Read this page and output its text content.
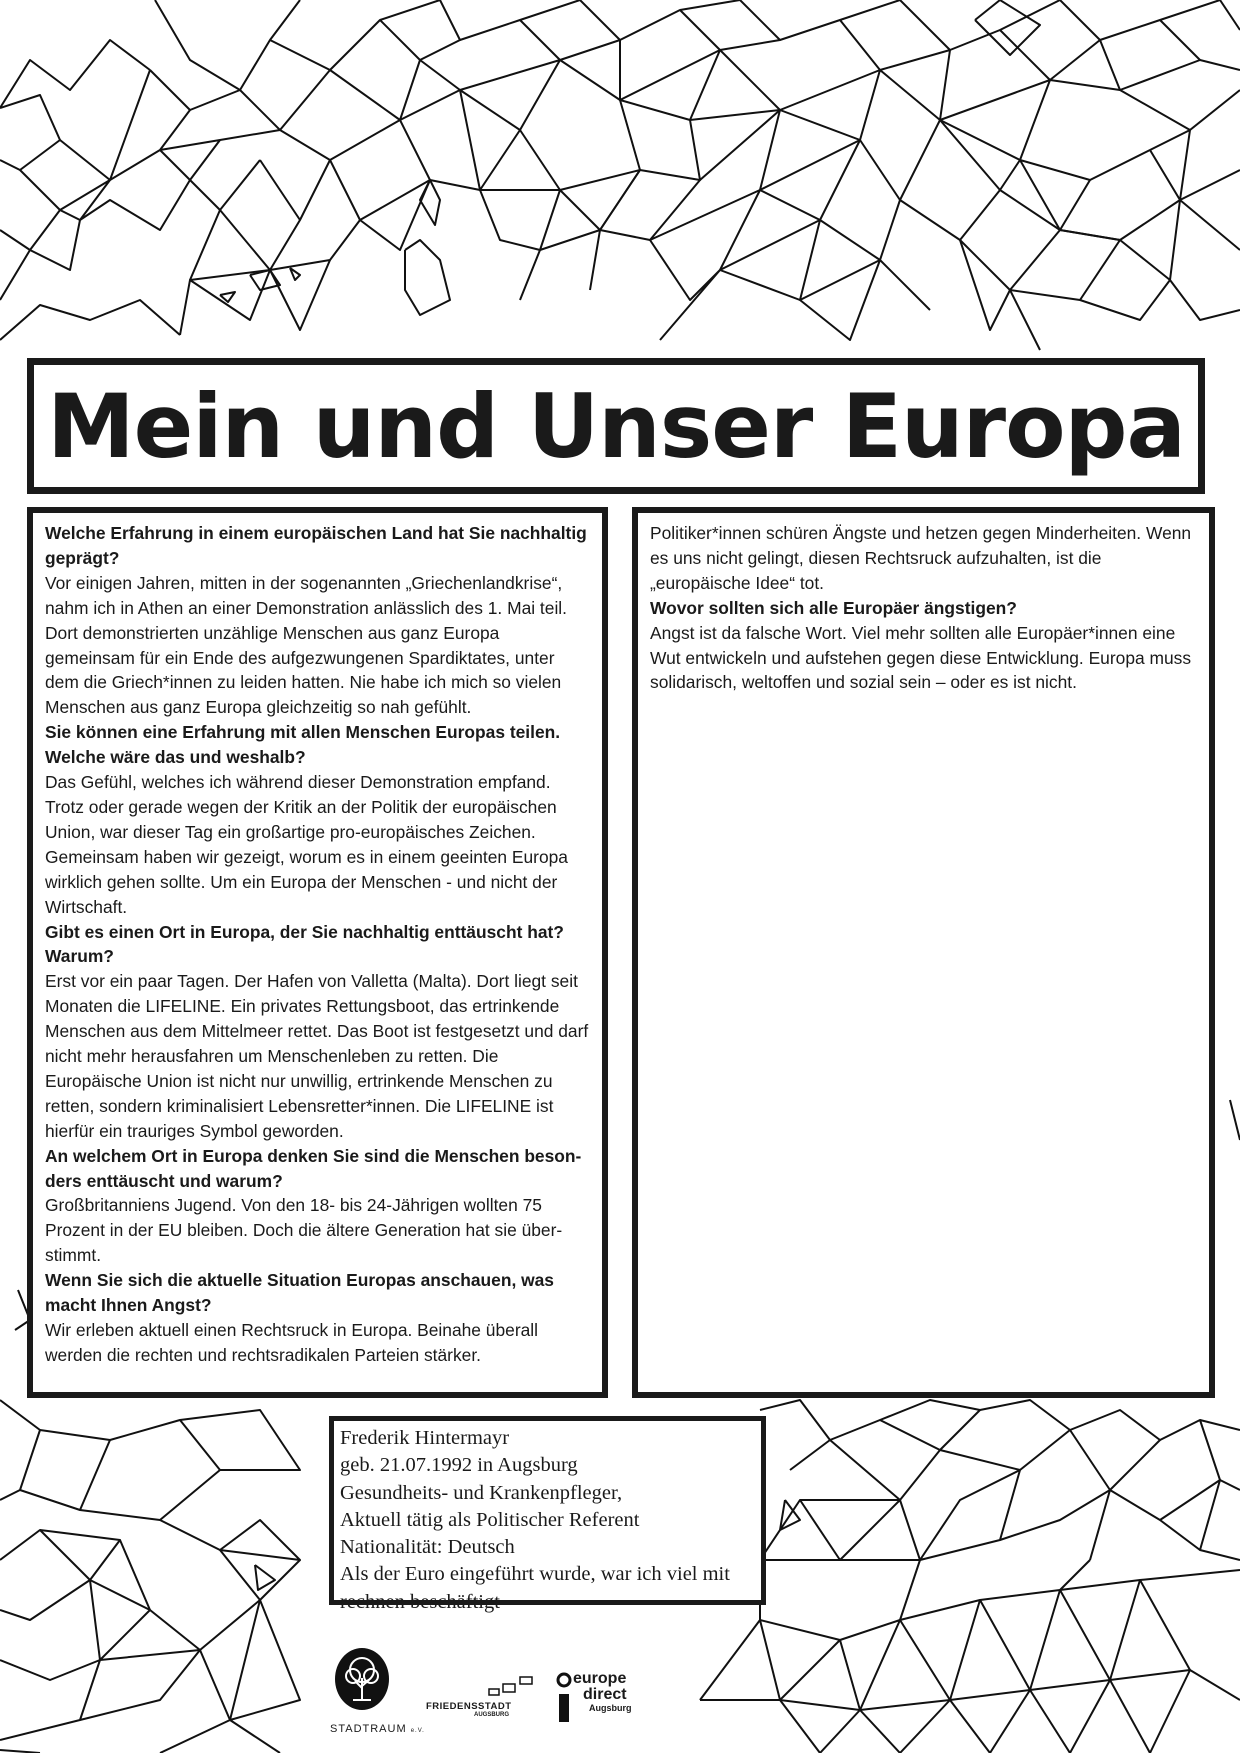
Mein und Unser Europa
Welche Erfahrung in einem europäischen Land hat Sie nachhaltig geprägt?
Vor einigen Jahren, mitten in der sogenannten „Griechenlandkrise“, nahm ich in Athen an einer Demonstration anlässlich des 1. Mai teil. Dort demonstrierten unzählige Menschen aus ganz Europa gemeinsam für ein Ende des aufgezwungenen Spardiktates, unter dem die Griech*innen zu leiden hatten. Nie habe ich mich so vielen Menschen aus ganz Europa gleichzeitig so nah gefühlt.
Sie können eine Erfahrung mit allen Menschen Europas teilen. Welche wäre das und weshalb?
Das Gefühl, welches ich während dieser Demonstration empfand. Trotz oder gerade wegen der Kritik an der Politik der europäischen Union, war dieser Tag ein großartige pro-europäisches Zeichen. Gemeinsam haben wir gezeigt, worum es in einem geeinten Europa wirklich gehen sollte. Um ein Europa der Menschen - und nicht der Wirtschaft.
Gibt es einen Ort in Europa, der Sie nachhaltig enttäuscht hat? Warum?
Erst vor ein paar Tagen. Der Hafen von Valletta (Malta). Dort liegt seit Monaten die LIFELINE. Ein privates Rettungsboot, das ertrinkende Menschen aus dem Mittelmeer rettet. Das Boot ist festgesetzt und darf nicht mehr herausfahren um Menschenleben zu retten. Die Europäische Union ist nicht nur unwillig, ertrinkende Menschen zu retten, sondern kriminalisiert Lebensretter*innen. Die LIFELINE ist hierfür ein trauriges Symbol geworden.
An welchem Ort in Europa denken Sie sind die Menschen beson-ders enttäuscht und warum?
Großbritanniens Jugend. Von den 18- bis 24-Jährigen wollten 75 Prozent in der EU bleiben. Doch die ältere Generation hat sie über-stimmt.
Wenn Sie sich die aktuelle Situation Europas anschauen, was macht Ihnen Angst?
Wir erleben aktuell einen Rechtsruck in Europa. Beinahe überall werden die rechten und rechtsradikalen Parteien stärker.
Politiker*innen schüren Ängste und hetzen gegen Minderheiten. Wenn es uns nicht gelingt, diesen Rechtsruck aufzuhalten, ist die „europäische Idee“ tot.
Wovor sollten sich alle Europäer ängstigen?
Angst ist da falsche Wort. Viel mehr sollten alle Europäer*innen eine Wut entwickeln und aufstehen gegen diese Entwicklung. Europa muss solidarisch, weltoffen und sozial sein – oder es ist nicht.
Frederik Hintermayr
geb. 21.07.1992 in Augsburg
Gesundheits- und Krankenpfleger,
Aktuell tätig als Politischer Referent
Nationalität: Deutsch
Als der Euro eingeführt wurde, war ich viel mit
rechnen beschäftigt
STADTRAUM e.V.
FRIEDENSSTADT
AUGSBURG
europe
direct
Augsburg
